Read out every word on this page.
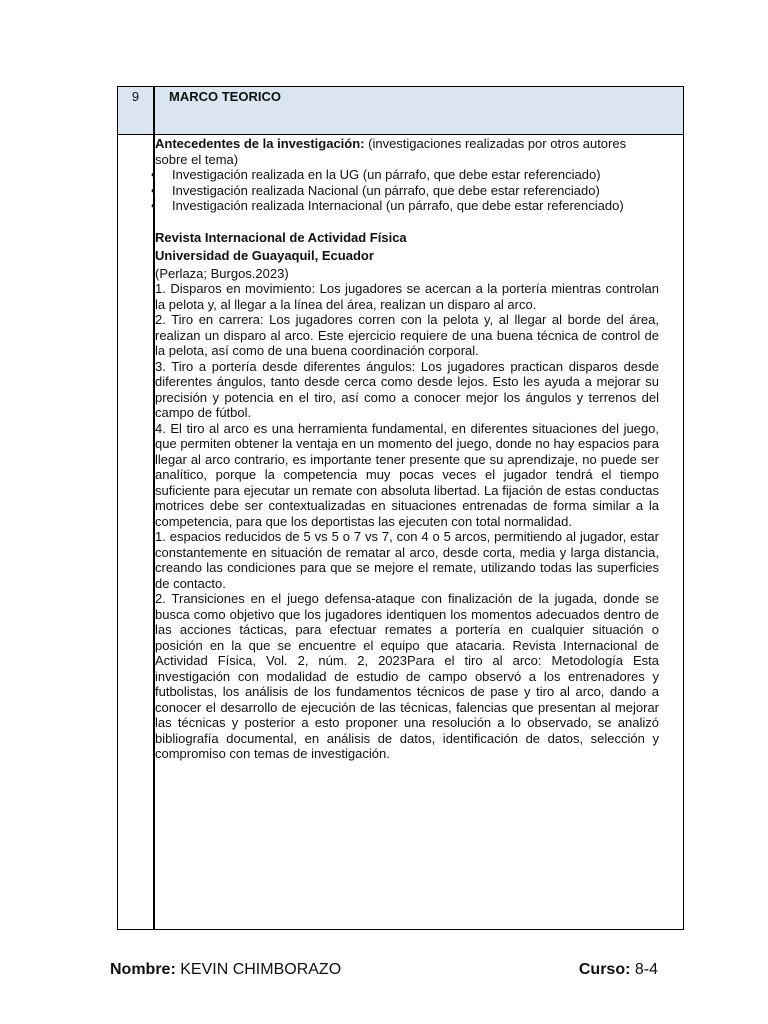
9	MARCO TEORICO
Antecedentes de la investigación: (investigaciones realizadas por otros autores sobre el tema)
• Investigación realizada en la UG (un párrafo, que debe estar referenciado)
• Investigación realizada Nacional (un párrafo, que debe estar referenciado)
• Investigación realizada Internacional (un párrafo, que debe estar referenciado)
Revista Internacional de Actividad Física
Universidad de Guayaquil, Ecuador
(Perlaza; Burgos.2023)
1. Disparos en movimiento: Los jugadores se acercan a la portería mientras controlan la pelota y, al llegar a la línea del área, realizan un disparo al arco.
2. Tiro en carrera: Los jugadores corren con la pelota y, al llegar al borde del área, realizan un disparo al arco. Este ejercicio requiere de una buena técnica de control de la pelota, así como de una buena coordinación corporal.
3. Tiro a portería desde diferentes ángulos: Los jugadores practican disparos desde diferentes ángulos, tanto desde cerca como desde lejos. Esto les ayuda a mejorar su precisión y potencia en el tiro, así como a conocer mejor los ángulos y terrenos del campo de fútbol.
4. El tiro al arco es una herramienta fundamental, en diferentes situaciones del juego, que permiten obtener la ventaja en un momento del juego, donde no hay espacios para llegar al arco contrario, es importante tener presente que su aprendizaje, no puede ser analítico, porque la competencia muy pocas veces el jugador tendrá el tiempo suficiente para ejecutar un remate con absoluta libertad. La fijación de estas conductas motrices debe ser contextualizadas en situaciones entrenadas de forma similar a la competencia, para que los deportistas las ejecuten con total normalidad.
1. espacios reducidos de 5 vs 5 o 7 vs 7, con 4 o 5 arcos, permitiendo al jugador, estar constantemente en situación de rematar al arco, desde corta, media y larga distancia, creando las condiciones para que se mejore el remate, utilizando todas las superficies de contacto.
2. Transiciones en el juego defensa-ataque con finalización de la jugada, donde se busca como objetivo que los jugadores identiquen los momentos adecuados dentro de las acciones tácticas, para efectuar remates a portería en cualquier situación o posición en la que se encuentre el equipo que atacaria. Revista Internacional de Actividad Física, Vol. 2, núm. 2, 2023Para el tiro al arco: Metodología Esta investigación con modalidad de estudio de campo observó a los entrenadores y futbolistas, los análisis de los fundamentos técnicos de pase y tiro al arco, dando a conocer el desarrollo de ejecución de las técnicas, falencias que presentan al mejorar las técnicas y posterior a esto proponer una resolución a lo observado, se analizó bibliografía documental, en análisis de datos, identificación de datos, selección y compromiso con temas de investigación.
Nombre: KEVIN CHIMBORAZO	Curso: 8-4
